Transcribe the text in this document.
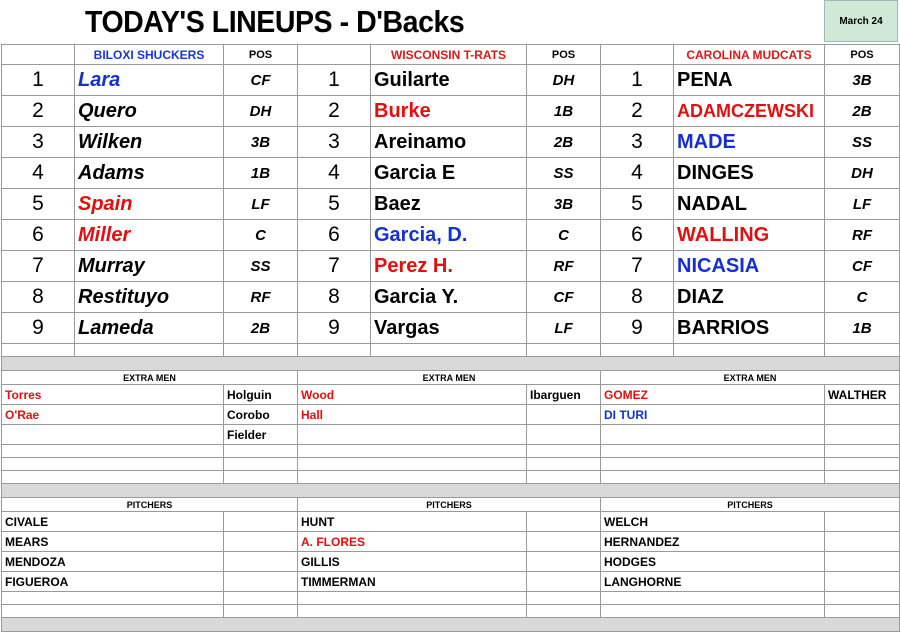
TODAY'S LINEUPS - D'Backs	March 24
	BILOXI SHUCKERS	POS		WISCONSIN T-RATS	POS		CAROLINA MUDCATS	POS
1	Lara	CF	1	Guilarte	DH	1	PENA	3B
2	Quero	DH	2	Burke	1B	2	ADAMCZEWSKI	2B
3	Wilken	3B	3	Areinamo	2B	3	MADE	SS
4	Adams	1B	4	Garcia E	SS	4	DINGES	DH
5	Spain	LF	5	Baez	3B	5	NADAL	LF
6	Miller	C	6	Garcia, D.	C	6	WALLING	RF
7	Murray	SS	7	Perez H.	RF	7	NICASIA	CF
8	Restituyo	RF	8	Garcia Y.	CF	8	DIAZ	C
9	Lameda	2B	9	Vargas	LF	9	BARRIOS	1B

EXTRA MEN			EXTRA MEN			EXTRA MEN		
Torres		Holguin	Wood		Ibarguen	GOMEZ		WALTHER
O'Rae		Corobo	Hall			DI TURI		
		Fielder						

PITCHERS			PITCHERS			PITCHERS		
CIVALE			HUNT			WELCH		
MEARS			A. FLORES			HERNANDEZ		
MENDOZA			GILLIS			HODGES		
FIGUEROA			TIMMERMAN			LANGHORNE		
